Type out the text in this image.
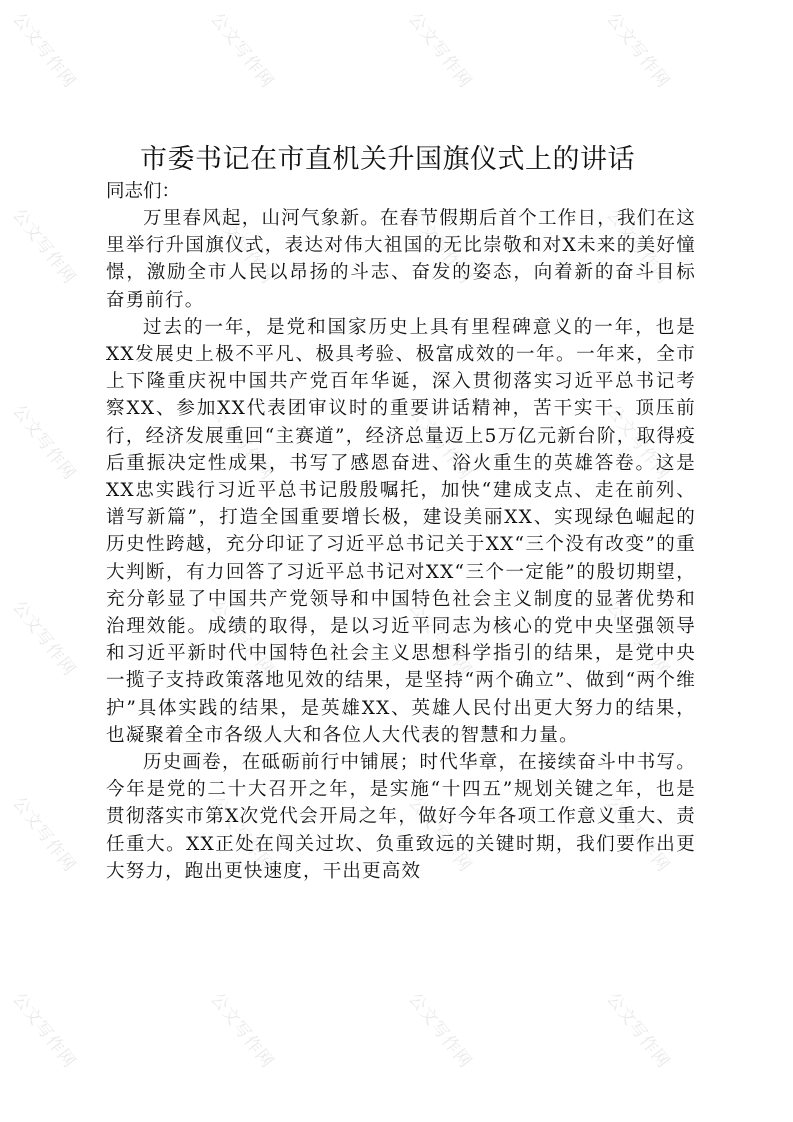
公文写作网	公文写作网	公文写作网	公文写作网
公文写作网	公文写作网	公文写作网	公文写作网
公文写作网	公文写作网	公文写作网	公文写作网
公文写作网	公文写作网	公文写作网	公文写作网
公文写作网	公文写作网	公文写作网	公文写作网
公文写作网	公文写作网	公文写作网	公文写作网
市委书记在市直机关升国旗仪式上的讲话

同志们：

万里春风起，山河气象新。在春节假期后首个工作日，我们在这里举行升国旗仪式，表达对伟大祖国的无比崇敬和对X未来的美好憧憬，激励全市人民以昂扬的斗志、奋发的姿态，向着新的奋斗目标奋勇前行。

过去的一年，是党和国家历史上具有里程碑意义的一年，也是XX发展史上极不平凡、极具考验、极富成效的一年。一年来，全市上下隆重庆祝中国共产党百年华诞，深入贯彻落实习近平总书记考察XX、参加XX代表团审议时的重要讲话精神，苦干实干、顶压前行，经济发展重回“主赛道”，经济总量迈上5万亿元新台阶，取得疫后重振决定性成果，书写了感恩奋进、浴火重生的英雄答卷。这是XX忠实践行习近平总书记殷殷嘱托，加快“建成支点、走在前列、谱写新篇”，打造全国重要增长极，建设美丽XX、实现绿色崛起的历史性跨越，充分印证了习近平总书记关于XX“三个没有改变”的重大判断，有力回答了习近平总书记对XX“三个一定能”的殷切期望，充分彰显了中国共产党领导和中国特色社会主义制度的显著优势和治理效能。成绩的取得，是以习近平同志为核心的党中央坚强领导和习近平新时代中国特色社会主义思想科学指引的结果，是党中央一揽子支持政策落地见效的结果，是坚持“两个确立”、做到“两个维护”具体实践的结果，是英雄XX、英雄人民付出更大努力的结果，也凝聚着全市各级人大和各位人大代表的智慧和力量。

历史画卷，在砥砺前行中铺展；时代华章，在接续奋斗中书写。今年是党的二十大召开之年，是实施“十四五”规划关键之年，也是贯彻落实市第X次党代会开局之年，做好今年各项工作意义重大、责任重大。XX正处在闯关过坎、负重致远的关键时期，我们要作出更大努力，跑出更快速度，干出更高效
